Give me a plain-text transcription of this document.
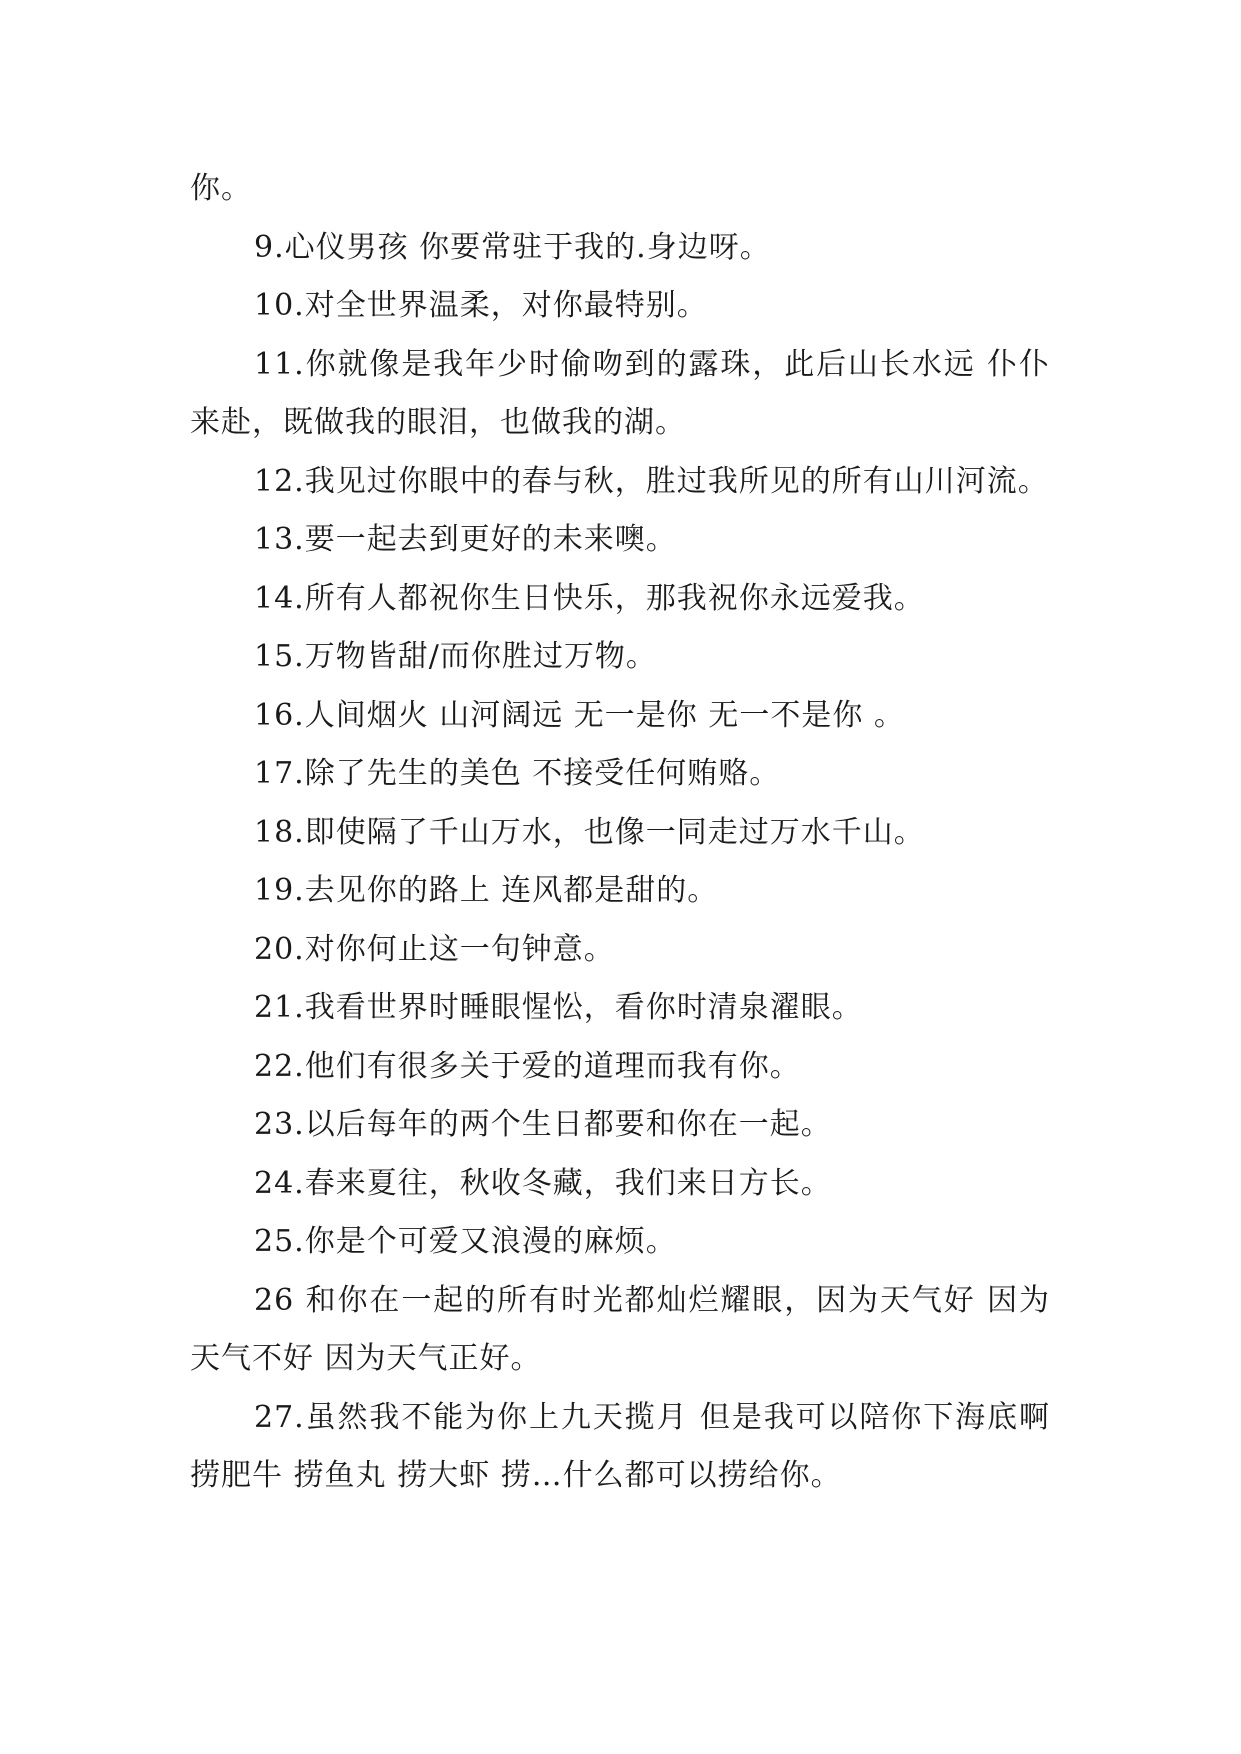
你。

9.心仪男孩 你要常驻于我的.身边呀。

10.对全世界温柔，对你最特别。

11.你就像是我年少时偷吻到的露珠，此后山长水远 仆仆来赴，既做我的眼泪，也做我的湖。

12.我见过你眼中的春与秋，胜过我所见的所有山川河流。

13.要一起去到更好的未来噢。

14.所有人都祝你生日快乐，那我祝你永远爱我。

15.万物皆甜/而你胜过万物。

16.人间烟火 山河阔远 无一是你 无一不是你 。

17.除了先生的美色 不接受任何贿赂。

18.即使隔了千山万水，也像一同走过万水千山。

19.去见你的路上 连风都是甜的。

20.对你何止这一句钟意。

21.我看世界时睡眼惺忪，看你时清泉濯眼。

22.他们有很多关于爱的道理而我有你。

23.以后每年的两个生日都要和你在一起。

24.春来夏往，秋收冬藏，我们来日方长。

25.你是个可爱又浪漫的麻烦。

26 和你在一起的所有时光都灿烂耀眼，因为天气好 因为天气不好 因为天气正好。

27.虽然我不能为你上九天揽月 但是我可以陪你下海底啊 捞肥牛 捞鱼丸 捞大虾 捞…什么都可以捞给你。
